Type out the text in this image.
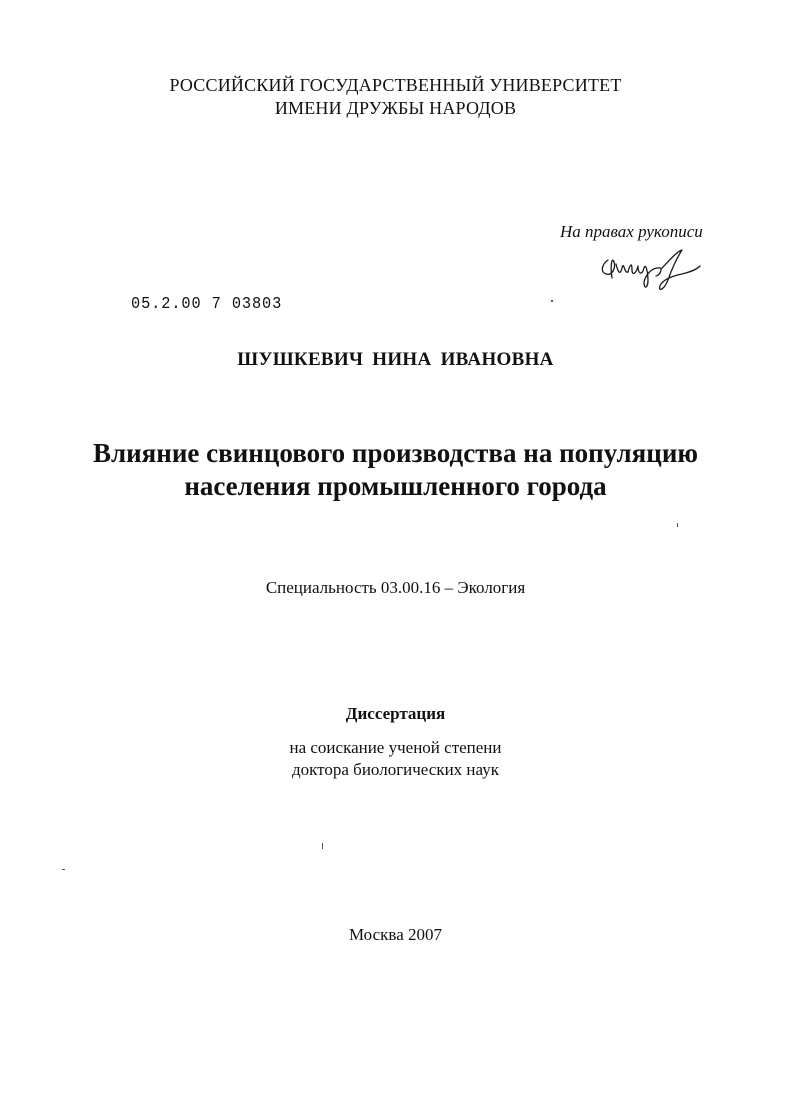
РОССИЙСКИЙ ГОСУДАРСТВЕННЫЙ УНИВЕРСИТЕТ
ИМЕНИ ДРУЖБЫ НАРОДОВ
На правах рукописи
05.2.00 7 03803
ШУШКЕВИЧ НИНА ИВАНОВНА
Влияние свинцового производства на популяцию
населения промышленного города
Специальность 03.00.16 – Экология
Диссертация
на соискание ученой степени
доктора биологических наук
Москва 2007
